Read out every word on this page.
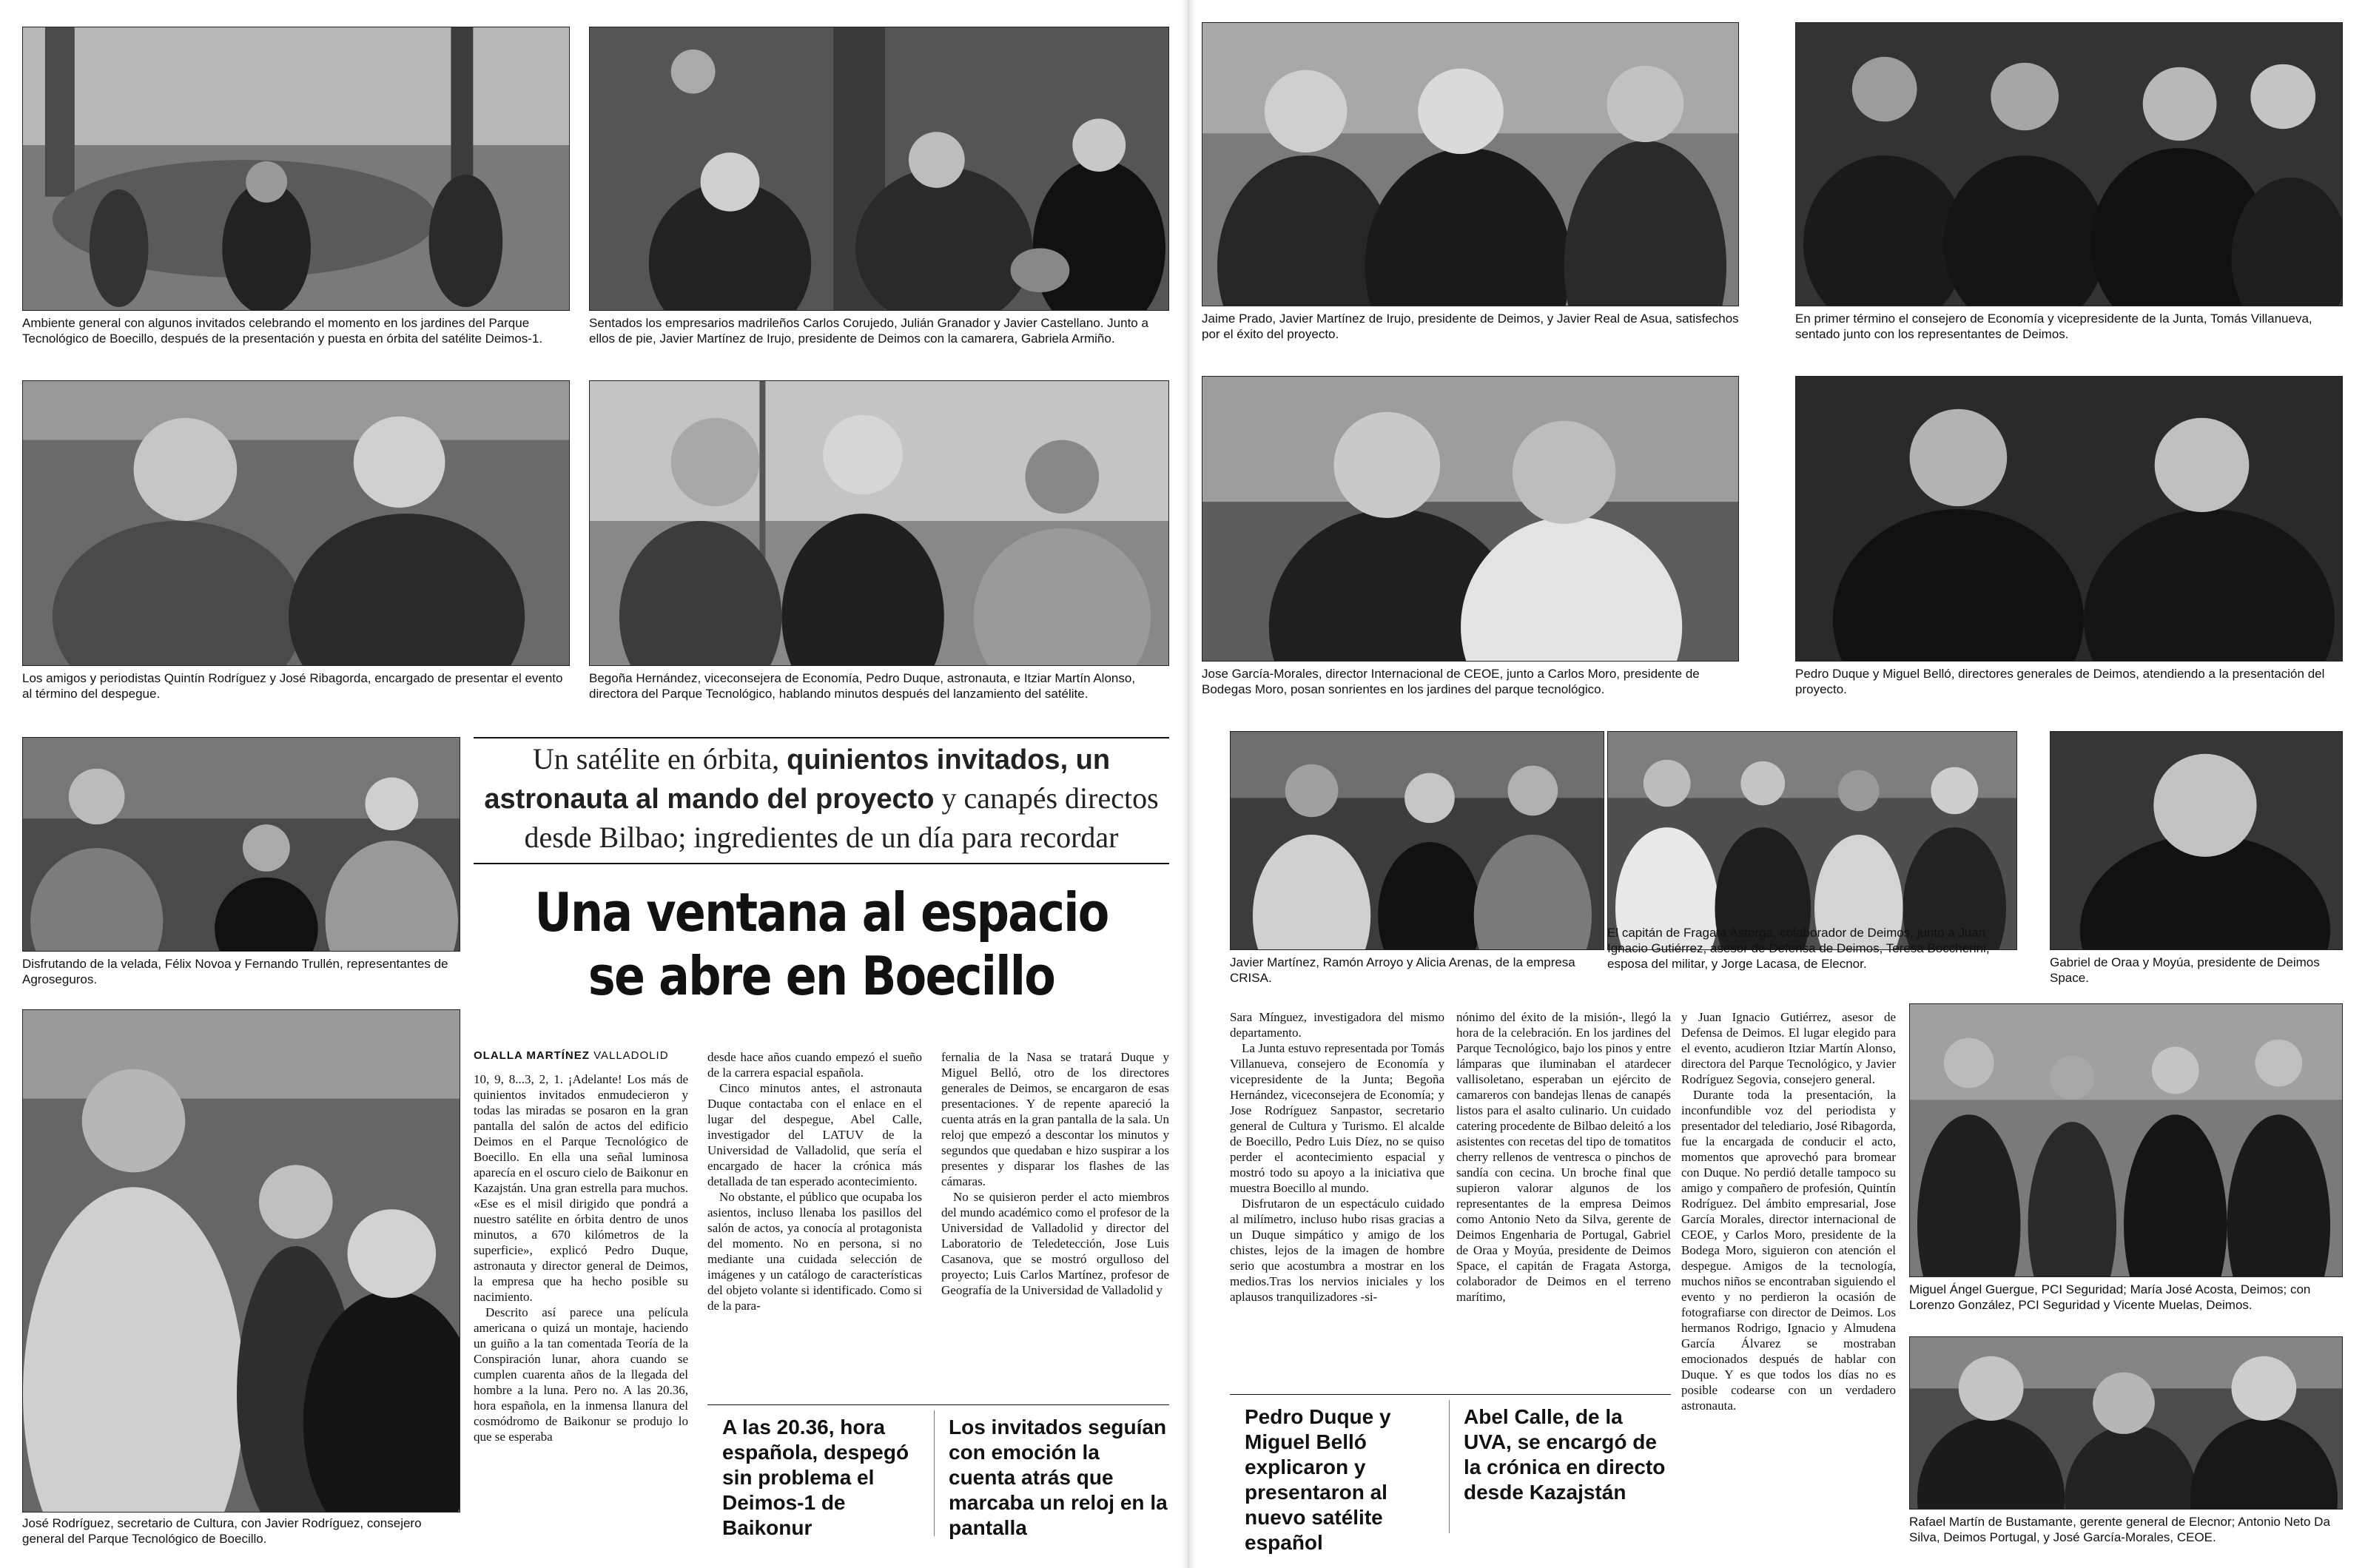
Ambiente general con algunos invitados celebrando el momento en los jardines del Parque Tecnológico de Boecillo, después de la presentación y puesta en órbita del satélite Deimos-1.
Sentados los empresarios madrileños Carlos Corujedo, Julián Granador y Javier Castellano. Junto a ellos de pie, Javier Martínez de Irujo, presidente de Deimos con la camarera, Gabriela Armiño.
Los amigos y periodistas Quintín Rodríguez y José Ribagorda, encargado de presentar el evento al término del despegue.
Begoña Hernández, viceconsejera de Economía, Pedro Duque, astronauta, e Itziar Martín Alonso, directora del Parque Tecnológico, hablando minutos después del lanzamiento del satélite.
Disfrutando de la velada, Félix Novoa y Fernando Trullén, representantes de Agroseguros.
José Rodríguez, secretario de Cultura, con Javier Rodríguez, consejero general del Parque Tecnológico de Boecillo.
Un satélite en órbita, quinientos invitados, un
astronauta al mando del proyecto y canapés directos
desde Bilbao; ingredientes de un día para recordar
Una ventana al espacio
se abre en Boecillo
OLALLA MARTÍNEZ VALLADOLID

10, 9, 8...3, 2, 1. ¡Adelante! Los más de quinientos invitados enmudecieron y todas las miradas se posaron en la gran pantalla del salón de actos del edificio Deimos en el Parque Tecnológico de Boecillo. En ella una señal luminosa aparecía en el oscuro cielo de Baikonur en Kazajstán. Una gran estrella para muchos. «Ese es el misil dirigido que pondrá a nuestro satélite en órbita dentro de unos minutos, a 670 kilómetros de la superficie», explicó Pedro Duque, astronauta y director general de Deimos, la empresa que ha hecho posible su nacimiento.

Descrito así parece una película americana o quizá un montaje, haciendo un guiño a la tan comentada Teoría de la Conspiración lunar, ahora cuando se cumplen cuarenta años de la llegada del hombre a la luna. Pero no. A las 20.36, hora española, en la inmensa llanura del cosmódromo de Baikonur se produjo lo que se esperaba

desde hace años cuando empezó el sueño de la carrera espacial española.

Cinco minutos antes, el astronauta Duque contactaba con el enlace en el lugar del despegue, Abel Calle, investigador del LATUV de la Universidad de Valladolid, que sería el encargado de hacer la crónica más detallada de tan esperado acontecimiento.

No obstante, el público que ocupaba los asientos, incluso llenaba los pasillos del salón de actos, ya conocía al protagonista del momento. No en persona, si no mediante una cuidada selección de imágenes y un catálogo de características del objeto volante si identificado. Como si de la para-

fernalia de la Nasa se tratará Duque y Miguel Belló, otro de los directores generales de Deimos, se encargaron de esas presentaciones. Y de repente apareció la cuenta atrás en la gran pantalla de la sala. Un reloj que empezó a descontar los minutos y segundos que quedaban e hizo suspirar a los presentes y disparar los flashes de las cámaras.

No se quisieron perder el acto miembros del mundo académico como el profesor de la Universidad de Valladolid y director del Laboratorio de Teledetección, Jose Luis Casanova, que se mostró orgulloso del proyecto; Luis Carlos Martínez, profesor de Geografía de la Universidad de Valladolid y

A las 20.36, hora española, despegó sin problema el Deimos-1 de Baikonur
Los invitados seguían con emoción la cuenta atrás que marcaba un reloj en la pantalla
Jaime Prado, Javier Martínez de Irujo, presidente de Deimos, y Javier Real de Asua, satisfechos por el éxito del proyecto.
En primer término el consejero de Economía y vicepresidente de la Junta, Tomás Villanueva, sentado junto con los representantes de Deimos.
Jose García-Morales, director Internacional de CEOE, junto a Carlos Moro, presidente de Bodegas Moro, posan sonrientes en los jardines del parque tecnológico.
Pedro Duque y Miguel Belló, directores generales de Deimos, atendiendo a la presentación del proyecto.
Javier Martínez, Ramón Arroyo y Alicia Arenas, de la empresa CRISA.
El capitán de Fragata Astorga, colaborador de Deimos, junto a Juan Ignacio Gutiérrez, asesor de Defensa de Deimos, Teresa Boccherini, esposa del militar, y Jorge Lacasa, de Elecnor.	Gabriel de Oraa y Moyúa, presidente de Deimos Space.
Miguel Ángel Guergue, PCI Seguridad; María José Acosta, Deimos; con Lorenzo González, PCI Seguridad y Vicente Muelas, Deimos.
Rafael Martín de Bustamante, gerente general de Elecnor; Antonio Neto Da Silva, Deimos Portugal, y José García-Morales, CEOE.

Sara Mínguez, investigadora del mismo departamento.

La Junta estuvo representada por Tomás Villanueva, consejero de Economía y vicepresidente de la Junta; Begoña Hernández, viceconsejera de Economía; y Jose Rodríguez Sanpastor, secretario general de Cultura y Turismo. El alcalde de Boecillo, Pedro Luis Díez, no se quiso perder el acontecimiento espacial y mostró todo su apoyo a la iniciativa que muestra Boecillo al mundo.

Disfrutaron de un espectáculo cuidado al milímetro, incluso hubo risas gracias a un Duque simpático y amigo de los chistes, lejos de la imagen de hombre serio que acostumbra a mostrar en los medios.Tras los nervios iniciales y los aplausos tranquilizadores -si-

nónimo del éxito de la misión-, llegó la hora de la celebración. En los jardines del Parque Tecnológico, bajo los pinos y entre lámparas que iluminaban el atardecer vallisoletano, esperaban un ejército de camareros con bandejas llenas de canapés listos para el asalto culinario. Un cuidado catering procedente de Bilbao deleitó a los asistentes con recetas del tipo de tomatitos cherry rellenos de ventresca o pinchos de sandía con cecina. Un broche final que supieron valorar algunos de los representantes de la empresa Deimos como Antonio Neto da Silva, gerente de Deimos Engenharia de Portugal, Gabriel de Oraa y Moyúa, presidente de Deimos Space, el capitán de Fragata Astorga, colaborador de Deimos en el terreno marítimo,

y Juan Ignacio Gutiérrez, asesor de Defensa de Deimos. El lugar elegido para el evento, acudieron Itziar Martín Alonso, directora del Parque Tecnológico, y Javier Rodríguez Segovia, consejero general.

Durante toda la presentación, la inconfundible voz del periodista y presentador del telediario, José Ribagorda, fue la encargada de conducir el acto, momentos que aprovechó para bromear con Duque. No perdió detalle tampoco su amigo y compañero de profesión, Quintín Rodríguez. Del ámbito empresarial, Jose García Morales, director internacional de CEOE, y Carlos Moro, presidente de la Bodega Moro, siguieron con atención el despegue. Amigos de la tecnología, muchos niños se encontraban siguiendo el evento y no perdieron la ocasión de fotografiarse con director de Deimos. Los hermanos Rodrigo, Ignacio y Almudena García Álvarez se mostraban emocionados después de hablar con Duque. Y es que todos los días no es posible codearse con un verdadero astronauta.

Pedro Duque y Miguel Belló explicaron y presentaron al nuevo satélite español
Abel Calle, de la UVA, se encargó de la crónica en directo desde Kazajstán
